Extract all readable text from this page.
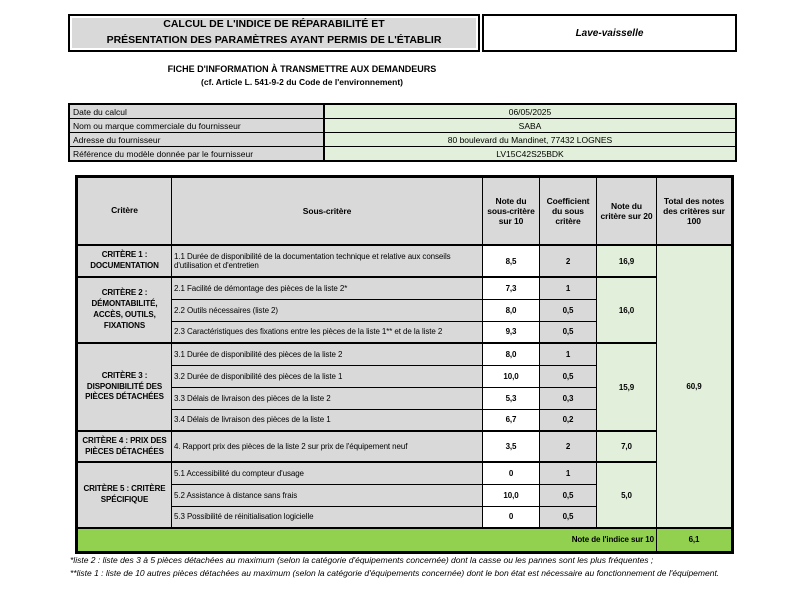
CALCUL DE L'INDICE DE RÉPARABILITÉ ET
PRÉSENTATION DES PARAMÈTRES AYANT PERMIS DE L'ÉTABLIR
Lave-vaisselle
FICHE D'INFORMATION À TRANSMETTRE AUX DEMANDEURS
(cf. Article L. 541-9-2 du Code de l'environnement)
Date du calcul	06/05/2025
Nom ou marque commerciale du fournisseur	SABA
Adresse du fournisseur	80 boulevard du Mandinet, 77432 LOGNES
Référence du modèle donnée par le fournisseur	LV15C42S25BDK
Critère	Sous-critère	Note du sous-critère sur 10	Coefficient du sous critère	Note du critère sur 20	Total des notes des critères sur 100
CRITÈRE 1 : DOCUMENTATION	1.1 Durée de disponibilité de la documentation technique et relative aux conseils d'utilisation et d'entretien	8,5	2	16,9	60,9
CRITÈRE 2 : DÉMONTABILITÉ, ACCÈS, OUTILS, FIXATIONS	2.1 Facilité de démontage des pièces de la liste 2*	7,3	1	16,0	
	2.2 Outils nécessaires (liste 2)	8,0	0,5		
	2.3 Caractéristiques des fixations entre les pièces de la liste 1** et de la liste 2	9,3	0,5		
CRITÈRE 3 : DISPONIBILITÉ DES PIÈCES DÉTACHÉES	3.1 Durée de disponibilité des pièces de la liste 2	8,0	1	15,9	
	3.2 Durée de disponibilité des pièces de la liste 1	10,0	0,5		
	3.3 Délais de livraison des pièces de la liste 2	5,3	0,3		
	3.4 Délais de livraison des pièces de la liste 1	6,7	0,2		
CRITÈRE 4 : PRIX DES PIÈCES DÉTACHÉES	4. Rapport prix des pièces de la liste 2 sur prix de l'équipement neuf	3,5	2	7,0	
CRITÈRE 5 : CRITÈRE SPÉCIFIQUE	5.1 Accessibilité du compteur d'usage	0	1	5,0	
	5.2 Assistance à distance sans frais	10,0	0,5		
	5.3 Possibilité de réinitialisation logicielle	0	0,5		
Note de l'indice sur 10					6,1

*liste 2 : liste des 3 à 5 pièces détachées au maximum (selon la catégorie d'équipements concernée) dont la casse ou les pannes sont les plus fréquentes ;

**liste 1 : liste de 10 autres pièces détachées au maximum (selon la catégorie d'équipements concernée) dont le bon état est nécessaire au fonctionnement de l'équipement.
